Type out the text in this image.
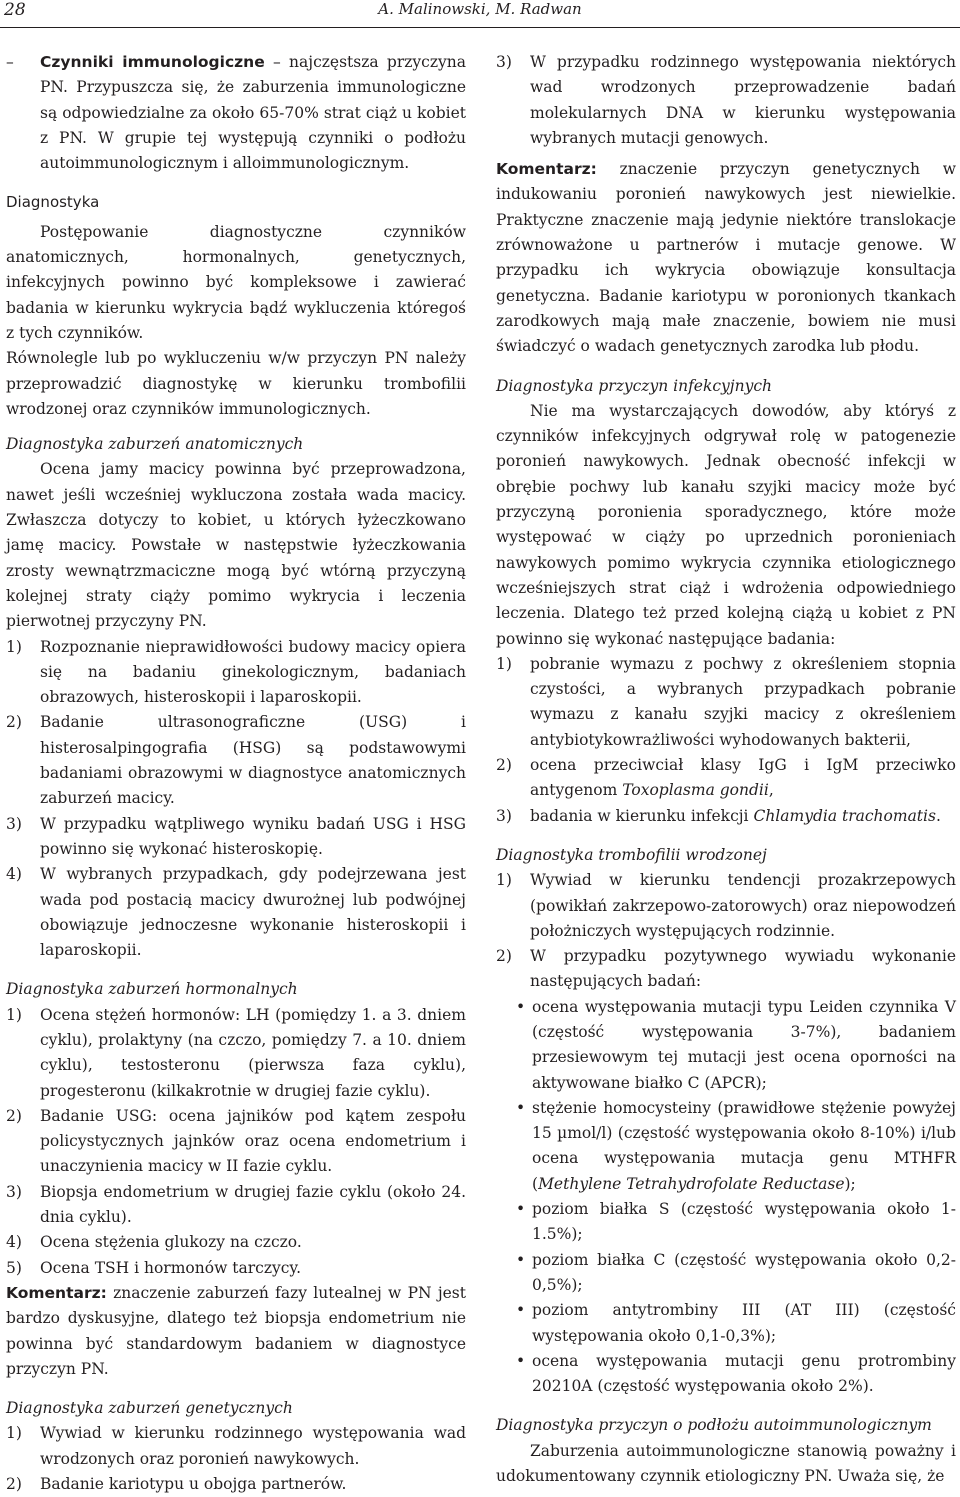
28	A. Malinowski, M. Radwan
–	Czynniki immunologiczne – najczęstsza przyczyna PN. Przypuszcza się, że zaburzenia immunologiczne są odpowiedzialne za około 65-70% strat ciąż u kobiet z PN. W grupie tej występują czynniki o podłożu autoimmunologicznym i alloimmunologicznym.
Diagnostyka

Postępowanie diagnostyczne czynników anatomicznych, hormonalnych, genetycznych, infekcyjnych powinno być kompleksowe i zawierać badania w kierunku wykrycia bądź wykluczenia któregoś z tych czynników.

Równolegle lub po wykluczeniu w/w przyczyn PN należy przeprowadzić diagnostykę w kierunku trombofilii wrodzonej oraz czynników immunologicznych.

Diagnostyka zaburzeń anatomicznych

Ocena jamy macicy powinna być przeprowadzona, nawet jeśli wcześniej wykluczona została wada macicy. Zwłaszcza dotyczy to kobiet, u których łyżeczkowano jamę macicy. Powstałe w następstwie łyżeczkowania zrosty wewnątrzmaciczne mogą być wtórną przyczyną kolejnej straty ciąży pomimo wykrycia i leczenia pierwotnej przyczyny PN.

1)	Rozpoznanie nieprawidłowości budowy macicy opiera się na badaniu ginekologicznym, badaniach obrazowych, histeroskopii i laparoskopii.
2)	Badanie ultrasonograficzne (USG) i histerosalpingografia (HSG) są podstawowymi badaniami obrazowymi w diagnostyce anatomicznych zaburzeń macicy.
3)	W przypadku wątpliwego wyniku badań USG i HSG powinno się wykonać histeroskopię.
4)	W wybranych przypadkach, gdy podejrzewana jest wada pod postacią macicy dwurożnej lub podwójnej obowiązuje jednoczesne wykonanie histeroskopii i laparoskopii.
Diagnostyka zaburzeń hormonalnych
1)	Ocena stężeń hormonów: LH (pomiędzy 1. a 3. dniem cyklu), prolaktyny (na czczo, pomiędzy 7. a 10. dniem cyklu), testosteronu (pierwsza faza cyklu), progesteronu (kilkakrotnie w drugiej fazie cyklu).
2)	Badanie USG: ocena jajników pod kątem zespołu policystycznych jajnków oraz ocena endometrium i unaczynienia macicy w II fazie cyklu.
3)	Biopsja endometrium w drugiej fazie cyklu (około 24. dnia cyklu).
4)	Ocena stężenia glukozy na czczo.
5)	Ocena TSH i hormonów tarczycy.

Komentarz: znaczenie zaburzeń fazy lutealnej w PN jest bardzo dyskusyjne, dlatego też biopsja endometrium nie powinna być standardowym badaniem w diagnostyce przyczyn PN.

Diagnostyka zaburzeń genetycznych
1)	Wywiad w kierunku rodzinnego występowania wad wrodzonych oraz poronień nawykowych.
2)	Badanie kariotypu u obojga partnerów.
3)	W przypadku rodzinnego występowania niektórych wad wrodzonych przeprowadzenie badań molekularnych DNA w kierunku występowania wybranych mutacji genowych.

Komentarz: znaczenie przyczyn genetycznych w indukowaniu poronień nawykowych jest niewielkie. Praktyczne znaczenie mają jedynie niektóre translokacje zrównoważone u partnerów i mutacje genowe. W przypadku ich wykrycia obowiązuje konsultacja genetyczna. Badanie kariotypu w poronionych tkankach zarodkowych mają małe znaczenie, bowiem nie musi świadczyć o wadach genetycznych zarodka lub płodu.

Diagnostyka przyczyn infekcyjnych

Nie ma wystarczających dowodów, aby któryś z czynników infekcyjnych odgrywał rolę w patogenezie poronień nawykowych. Jednak obecność infekcji w obrębie pochwy lub kanału szyjki macicy może być przyczyną poronienia sporadycznego, które może występować w ciąży po uprzednich poronieniach nawykowych pomimo wykrycia czynnika etiologicznego wcześniejszych strat ciąż i wdrożenia odpowiedniego leczenia. Dlatego też przed kolejną ciążą u kobiet z PN powinno się wykonać następujące badania:

1)	pobranie wymazu z pochwy z określeniem stopnia czystości, a wybranych przypadkach pobranie wymazu z kanału szyjki macicy z określeniem antybiotykowrażliwości wyhodowanych bakterii,
2)	ocena przeciwciał klasy IgG i IgM przeciwko antygenom Toxoplasma gondii,
3)	badania w kierunku infekcji Chlamydia trachomatis.
Diagnostyka trombofilii wrodzonej
1)	Wywiad w kierunku tendencji prozakrzepowych (powikłań zakrzepowo-zatorowych) oraz niepowodzeń położniczych występujących rodzinnie.
2)	W przypadku pozytywnego wywiadu wykonanie następujących badań:
• ocena występowania mutacji typu Leiden czynnika V (częstość występowania 3-7%), badaniem przesiewowym tej mutacji jest ocena oporności na aktywowane białko C (APCR);
• stężenie homocysteiny (prawidłowe stężenie powyżej 15 µmol/l) (częstość występowania około 8-10%) i/lub ocena występowania mutacja genu MTHFR (Methylene Tetrahydrofolate Reductase);
• poziom białka S (częstość występowania około 1-1.5%);
• poziom białka C (częstość występowania około 0,2-0,5%);
• poziom antytrombiny III (AT III) (częstość występowania około 0,1-0,3%);
• ocena występowania mutacji genu protrombiny 20210A (częstość występowania około 2%).
Diagnostyka przyczyn o podłożu autoimmunologicznym

Zaburzenia autoimmunologiczne stanowią poważny i udokumentowany czynnik etiologiczny PN. Uważa się, że
